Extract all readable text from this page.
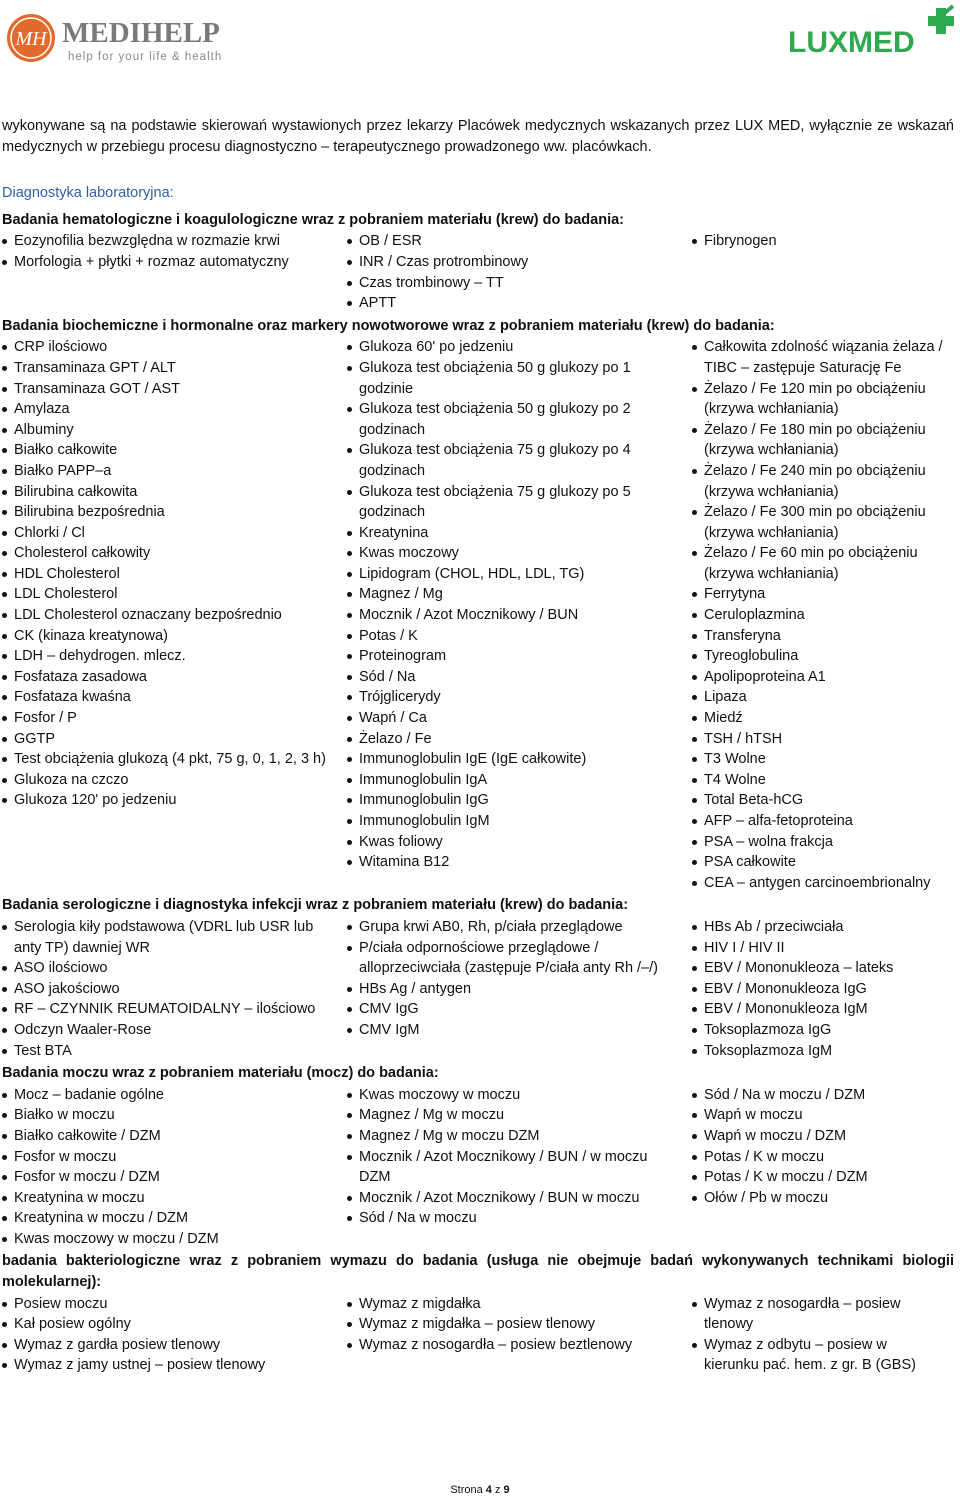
MH MEDIHELP
help for your life & health	LUXMED

wykonywane są na podstawie skierowań wystawionych przez lekarzy Placówek medycznych wskazanych przez LUX MED, wyłącznie ze wskazań medycznych w przebiegu procesu diagnostyczno – terapeutycznego prowadzonego ww. placówkach.

Diagnostyka laboratoryjna:
Badania hematologiczne i koagulologiczne wraz z pobraniem materiału (krew) do badania:
Eozynofilia bezwzględna w rozmazie krwi
Morfologia + płytki + rozmaz automatyczny
OB / ESR
INR / Czas protrombinowy
Czas trombinowy – TT
APTT
Fibrynogen
Badania biochemiczne i hormonalne oraz markery nowotworowe wraz z pobraniem materiału (krew) do badania:
CRP ilościowo
Transaminaza GPT / ALT
Transaminaza GOT / AST
Amylaza
Albuminy
Białko całkowite
Białko PAPP–a
Bilirubina całkowita
Bilirubina bezpośrednia
Chlorki / Cl
Cholesterol całkowity
HDL Cholesterol
LDL Cholesterol
LDL Cholesterol oznaczany bezpośrednio
CK (kinaza kreatynowa)
LDH – dehydrogen. mlecz.
Fosfataza zasadowa
Fosfataza kwaśna
Fosfor / P
GGTP
Test obciążenia glukozą (4 pkt, 75 g, 0, 1, 2, 3 h)
Glukoza na czczo
Glukoza 120' po jedzeniu
Glukoza 60' po jedzeniu
Glukoza test obciążenia 50 g glukozy po 1 godzinie
Glukoza test obciążenia 50 g glukozy po 2 godzinach
Glukoza test obciążenia 75 g glukozy po 4 godzinach
Glukoza test obciążenia 75 g glukozy po 5 godzinach
Kreatynina
Kwas moczowy
Lipidogram (CHOL, HDL, LDL, TG)
Magnez / Mg
Mocznik / Azot Mocznikowy / BUN
Potas / K
Proteinogram
Sód / Na
Trójglicerydy
Wapń / Ca
Żelazo / Fe
Immunoglobulin IgE (IgE całkowite)
Immunoglobulin IgA
Immunoglobulin IgG
Immunoglobulin IgM
Kwas foliowy
Witamina B12
Całkowita zdolność wiązania żelaza / TIBC – zastępuje Saturację Fe
Żelazo / Fe 120 min po obciążeniu (krzywa wchłaniania)
Żelazo / Fe 180 min po obciążeniu (krzywa wchłaniania)
Żelazo / Fe 240 min po obciążeniu (krzywa wchłaniania)
Żelazo / Fe 300 min po obciążeniu (krzywa wchłaniania)
Żelazo / Fe 60 min po obciążeniu (krzywa wchłaniania)
Ferrytyna
Ceruloplazmina
Transferyna
Tyreoglobulina
Apolipoproteina A1
Lipaza
Miedź
TSH / hTSH
T3 Wolne
T4 Wolne
Total Beta-hCG
AFP – alfa-fetoproteina
PSA – wolna frakcja
PSA całkowite
CEA – antygen carcinoembrionalny
Badania serologiczne i diagnostyka infekcji wraz z pobraniem materiału (krew) do badania:
Serologia kiły podstawowa (VDRL lub USR lub anty TP) dawniej WR
ASO ilościowo
ASO jakościowo
RF – CZYNNIK REUMATOIDALNY – ilościowo
Odczyn Waaler-Rose
Test BTA
Grupa krwi AB0, Rh, p/ciała przeglądowe
P/ciała odpornościowe przeglądowe / alloprzeciwciała (zastępuje P/ciała anty Rh /–/)
HBs Ag / antygen
CMV IgG
CMV IgM
HBs Ab / przeciwciała
HIV I / HIV II
EBV / Mononukleoza – lateks
EBV / Mononukleoza IgG
EBV / Mononukleoza IgM
Toksoplazmoza IgG
Toksoplazmoza IgM
Badania moczu wraz z pobraniem materiału (mocz) do badania:
Mocz – badanie ogólne
Białko w moczu
Białko całkowite / DZM
Fosfor w moczu
Fosfor w moczu / DZM
Kreatynina w moczu
Kreatynina w moczu / DZM
Kwas moczowy w moczu / DZM
Kwas moczowy w moczu
Magnez / Mg w moczu
Magnez / Mg w moczu DZM
Mocznik / Azot Mocznikowy / BUN / w moczu DZM
Mocznik / Azot Mocznikowy / BUN w moczu
Sód / Na w moczu
Sód / Na w moczu / DZM
Wapń w moczu
Wapń w moczu / DZM
Potas / K w moczu
Potas / K w moczu / DZM
Ołów / Pb w moczu
badania bakteriologiczne wraz z pobraniem wymazu do badania (usługa nie obejmuje badań wykonywanych technikami biologii molekularnej):
Posiew moczu
Kał posiew ogólny
Wymaz z gardła posiew tlenowy
Wymaz z jamy ustnej – posiew tlenowy
Wymaz z migdałka
Wymaz z migdałka – posiew tlenowy
Wymaz z nosogardła – posiew beztlenowy
Wymaz z nosogardła – posiew tlenowy
Wymaz z odbytu – posiew w kierunku pać. hem. z gr. B (GBS)
Strona 4 z 9
